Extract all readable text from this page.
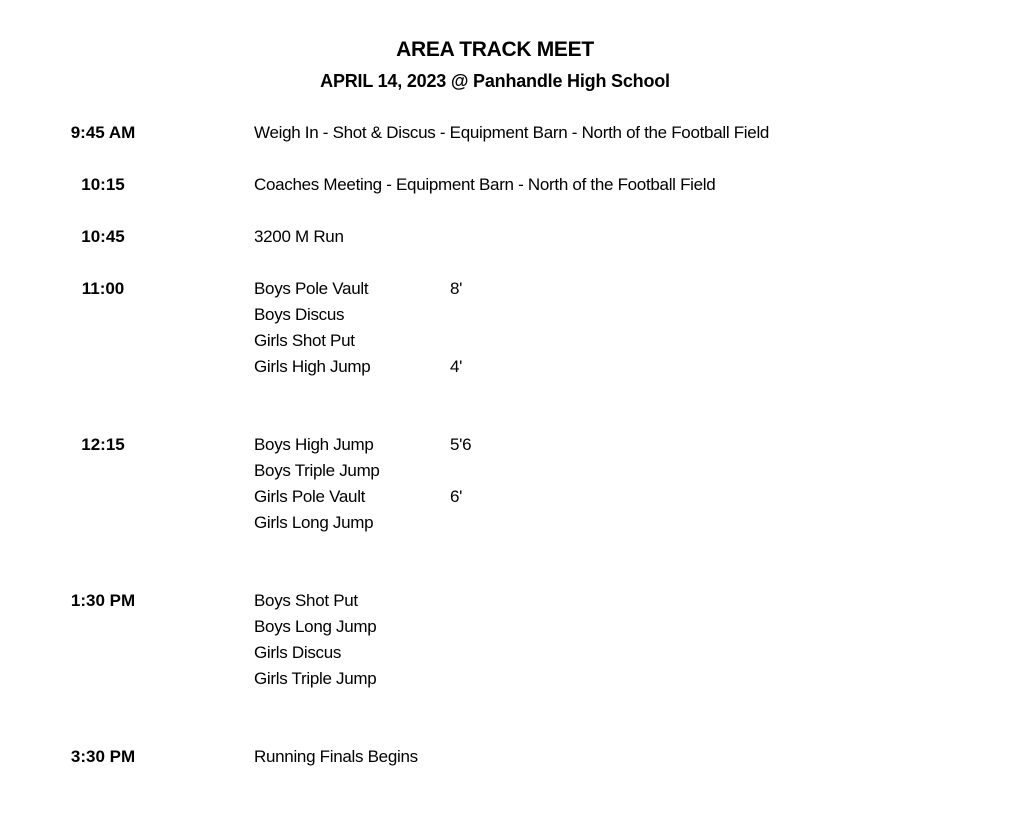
AREA TRACK MEET
APRIL 14, 2023 @ Panhandle High School
9:45 AM	Weigh In - Shot & Discus - Equipment Barn - North of the Football Field
10:15	Coaches Meeting - Equipment Barn - North of the Football Field
10:45	3200 M Run
11:00	Boys Pole Vault	8'
Boys Discus
Girls Shot Put
Girls High Jump	4'
12:15	Boys High Jump	5'6
Boys Triple Jump
Girls Pole Vault	6'
Girls Long Jump
1:30 PM	Boys Shot Put
Boys Long Jump
Girls Discus
Girls Triple Jump
3:30 PM	Running Finals Begins
